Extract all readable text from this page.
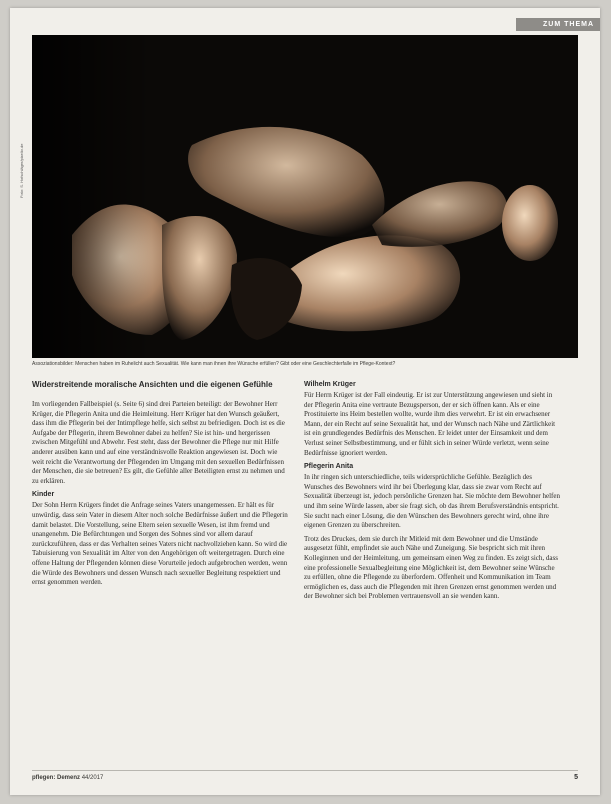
ZUM THEMA
Foto: S. Hofschläger/pixelio.de
Assoziationsbilder: Menschen haben im Ruhelicht auch Sexualität. Wie kann man ihnen ihre Wünsche erfüllen? Gibt oder eine Geschlechterfalle im Pflege-Kontext?
Widerstreitende moralische Ansichten und die eigenen Gefühle

Im vorliegenden Fallbeispiel (s. Seite 6) sind drei Parteien beteiligt: der Bewohner Herr Krüger, die Pflegerin Anita und die Heimleitung. Herr Krüger hat den Wunsch geäußert, dass ihm die Pflegerin bei der Intimpflege helfe, sich selbst zu befriedigen. Doch ist es die Aufgabe der Pflegerin, ihrem Bewohner dabei zu helfen? Sie ist hin- und hergerissen zwischen Mitgefühl und Abwehr. Fest steht, dass der Bewohner die Pflege nur mit Hilfe anderer ausüben kann und auf eine verständnisvolle Reaktion angewiesen ist. Doch wie weit reicht die Verantwortung der Pflegenden im Umgang mit den sexuellen Bedürfnissen der Menschen, die sie betreuen? Es gilt, die Gefühle aller Beteiligten ernst zu nehmen und zu erklären.

Kinder

Der Sohn Herrn Krügers findet die Anfrage seines Vaters unangemessen. Er hält es für unwürdig, dass sein Vater in diesem Alter noch solche Bedürfnisse äußert und die Pflegerin damit belastet. Die Vorstellung, seine Eltern seien sexuelle Wesen, ist ihm fremd und unangenehm. Die Befürchtungen und Sorgen des Sohnes sind vor allem darauf zurückzuführen, dass er das Verhalten seines Vaters nicht nachvollziehen kann. So wird die Tabuisierung von Sexualität im Alter von den Angehörigen oft weitergetragen. Durch eine offene Haltung der Pflegenden können diese Vorurteile jedoch aufgebrochen werden, wenn die Würde des Bewohners und dessen Wunsch nach sexueller Begleitung respektiert und ernst genommen werden.

Wilhelm Krüger

Für Herrn Krüger ist der Fall eindeutig. Er ist zur Unterstützung angewiesen und sieht in der Pflegerin Anita eine vertraute Bezugsperson, der er sich öffnen kann. Als er eine Prostituierte ins Heim bestellen wollte, wurde ihm dies verwehrt. Er ist ein erwachsener Mann, der ein Recht auf seine Sexualität hat, und der Wunsch nach Nähe und Zärtlichkeit ist ein grundlegendes Bedürfnis des Menschen. Er leidet unter der Einsamkeit und dem Verlust seiner Selbstbestimmung, und er fühlt sich in seiner Würde verletzt, wenn seine Bedürfnisse ignoriert werden.

Pflegerin Anita

In ihr ringen sich unterschiedliche, teils widersprüchliche Gefühle. Bezüglich des Wunsches des Bewohners wird ihr bei Überlegung klar, dass sie zwar vom Recht auf Sexualität überzeugt ist, jedoch persönliche Grenzen hat. Sie möchte dem Bewohner helfen und ihm seine Würde lassen, aber sie fragt sich, ob das ihrem Berufsverständnis entspricht. Sie sucht nach einer Lösung, die den Wünschen des Bewohners gerecht wird, ohne ihre eigenen Grenzen zu überschreiten.

Trotz des Druckes, dem sie durch ihr Mitleid mit dem Bewohner und die Umstände ausgesetzt fühlt, empfindet sie auch Nähe und Zuneigung. Sie bespricht sich mit ihren Kolleginnen und der Heimleitung, um gemeinsam einen Weg zu finden. Es zeigt sich, dass eine professionelle Sexualbegleitung eine Möglichkeit ist, dem Bewohner seine Wünsche zu erfüllen, ohne die Pflegende zu überfordern. Offenheit und Kommunikation im Team ermöglichen es, dass auch die Pflegenden mit ihren Grenzen ernst genommen werden und der Bewohner sich bei Problemen vertrauensvoll an sie wenden kann.

pflegen: Demenz 44/2017	5
